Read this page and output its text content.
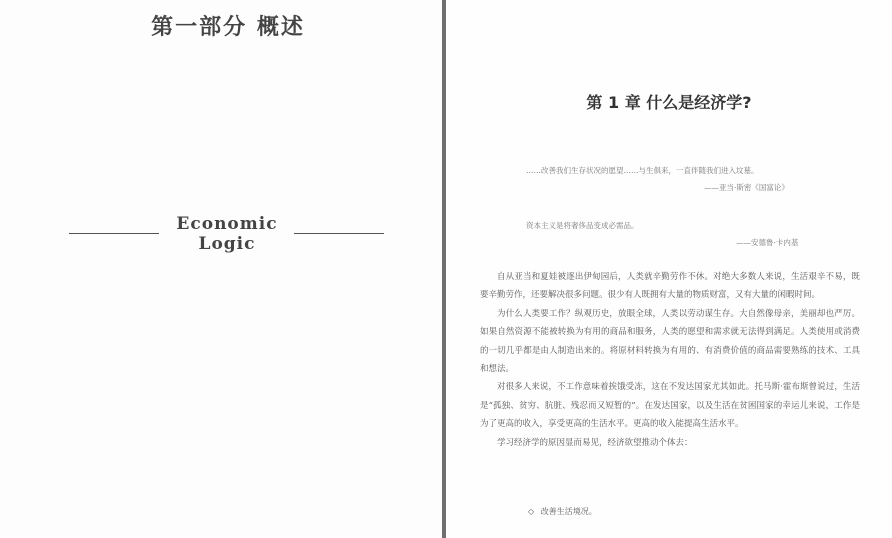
第一部分 概述
Economic
Logic
第 1 章 什么是经济学?
……改善我们生存状况的愿望……与生俱来，一直伴随我们进入坟墓。
——亚当·斯密《国富论》
资本主义是将奢侈品变成必需品。
——安德鲁·卡内基

自从亚当和夏娃被逐出伊甸园后，人类就辛勤劳作不休。对绝大多数人来说，生活艰辛不易，既要辛勤劳作，还要解决很多问题。很少有人既拥有大量的物质财富，又有大量的闲暇时间。

为什么人类要工作？纵观历史，放眼全球，人类以劳动谋生存。大自然像母亲，美丽却也严厉。如果自然资源不能被转换为有用的商品和服务，人类的愿望和需求就无法得到满足。人类使用或消费的一切几乎都是由人制造出来的。将原材料转换为有用的、有消费价值的商品需要熟练的技术、工具和想法。

对很多人来说，不工作意味着挨饿受冻，这在不发达国家尤其如此。托马斯·霍布斯曾说过，生活是“孤独、贫穷、肮脏、残忍而又短暂的”。在发达国家，以及生活在贫困国家的幸运儿来说，工作是为了更高的收入，享受更高的生活水平。更高的收入能提高生活水平。

学习经济学的原因显而易见，经济欲望推动个体去：

◇ 改善生活境况。
